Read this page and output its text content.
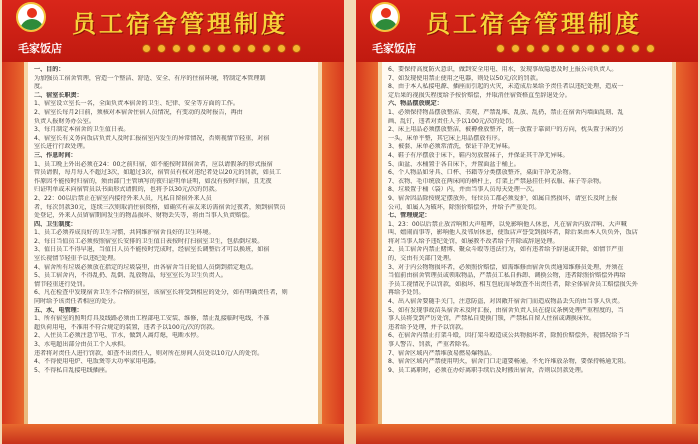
员工宿舍管理制度
毛家饭店
一、目的：
为加强员工宿舍管理，营造一个整洁、舒适、安全、有序的住宿环境，特制定本管理制
度。
二、宿室长职责：
1、宿室设立室长一名，全面负责本宿舍的卫生、纪律、安全等方面的工作。
2、宿室长每月2日前，须核对本宿舍住宿人员情况，有变动的及时报告，再由
负责人报财务办公室。
3、每月制定本宿舍的卫生值日表。
4、宿室长有义务向饭店负责人及时汇报宿室内发生的异常情况，否则视情节轻重，对宿
室长进行行政处理。
三、作息时间：
1、员工晚上外出必须在24：00之前归宿，如不能按时回宿舍者，应以请假条的形式报宿
管员请假，每月每人不超过3次，如超过3次，宿管员有权对违纪者处以20元的罚款，如员工
作原因不能按时归宿的，须由部门主管填写的夜归证明单证明，如没有按时归宿，且无夜
归证明单或未向宿管员以书面形式请假的，也将予以30元/次的罚款。
2、22：00以后禁止在宿室内接待外来人员，凡私自留宿外来人员
者，每次罚款30元，连续三次则取消住宿资格，如确实有亲友来访需宿舍过夜者，须到宿管员
处登记，外来人员留宿期间发生的物品损坏、财物丢失等，将由当事人负责赔偿。
四、卫生制度：
1、员工必须养成良好的卫生习惯，共同维护宿舍良好的卫生环境。
2、每日当值员工必须按照宿室长安排的卫生值日表按时打扫宿室卫生，包括倒垃圾。
3、值日员工不得早退，当值日人员不能按时完成时，经宿室长调整后才可以换班，如宿
室长视情节轻重予以违纪处理。
4、宿舍所有垃圾必须放在指定的垃圾袋里，由各宿舍当日轮值人员倒到指定地点。
5、员工宿舍内，不得乱扔、乱倒、乱放物品，每室室长为卫生负责人。
情节轻重进行处罚。
6、凡在检查中发现宿舍卫生不合格的宿室，该宿室长将受到相应的处分，如有明确责任者，则
同时给予该责任者相应的处分。
五、水、电管理：
1、所有宿室的照明灯具及线路必须由工程部电工安装、维修，禁止乱接临时电线，不准
超负荷用电，不准用不符合规定的装置，违者予以100元/次的罚款。
2、入住员工必须注意节电、节水，做到人离灯熄，电断水停。
3、水电超出部分由员工个人承担。
违者将对责任人进行罚款，如查不出责任人，则对所在房间人员处以10元/人的处罚。
4、不得使用电炉、电饭煲等大功率家用电器。
5、不得私自乱接电线插座。
员工宿舍管理制度
毛家饭店
6、要保持高度防火意识，做到安全用电、用水，发现事故隐患及时上报公司负责人。
7、如发现使用禁止使用之电器，则处以50元/次的罚款。
8、由于本人私接电源、插座而引起的火灾，未造成后果给予责任者以违纪处理，造成一
定后果的视损失程度给予按价赔偿，并取消住宿资格直至辞退处分。
六、物品摆放规定：
1、必须保持物品摆放整洁、美观，严禁乱堆、乱放、乱扔，禁止在宿舍内墙面乱刻、乱
画、乱钉，违者对责任人予以100元/次的处罚。
2、床上用品必须摆放整洁，被褥叠放整齐，统一放置于靠窗户的方向，枕头置于床的另
一头，床单平整，其它床上用品摆放有序。
3、被套、床单必须常清洗，保证干净无异味。
4、鞋子有序摆放于床下，鞋内勿放置袜子，并保证其干净无异味。
5、面盆、水桶置于各自床下，并置面盆于桶上。
6、个人物品如牙具、口杯、书籍等分类摆放整齐，桌面干净无杂物。
7、衣物、毛巾统放在两床间的横杆上，灯架上严禁悬挂任何衣服、袜子等杂物。
8、垃圾置于桶（袋）内，并由当事人员每天处理一次。
9、宿舍因品除按规定摆放外，每位员工都必须爱护，如属自然损坏，请室长及时上报
公司，如属人为破坏，除照价赔偿外，并给予严重处罚。
七、管理规定：
1、23：00以后禁止放音响和大声喧哗，以免影响他人休息，凡在宿舍内放音响、大声喊
叫、嬉闹而事等，影响他人及邻居休息，使饭店声誉受到损坏者，除后果由本人负负外，饭店
将对当事人给予违纪处罚，如屡教不改者给予开除或辞退处理。
2、员工宿舍内禁止赌博、聚众斗殴等违法行为，如有违者给予辞退或开除，如情节严重
的，交由有关部门处理。
3、对于内公物物损坏者，必须照价赔偿，如需维修由宿舍负责通知维修员处理，并须在
当值前由宿舍管理员或领取物品，严禁员工私自拆卸、调换公物，违者除照价赔偿外再给
予员工视情况予以罚款，如损坏、相互包庇而导致查不出责任者，除全体宿舍员工赔偿损失外
再给予处罚。
4、出入宿舍要随手关门，注意防盗，对因敞开宿舍门而造成物品丢失的由当事人负责。
5、如有发现事故苗头宿舍未及时汇报，由宿舍负责人员在提议条例处理严重程度的，当
事人员将受到严厉处罚，严禁私自更换门锁，严禁私自留人住宿或调换床位。
违者给予处理，并予以罚款。
6、在宿舍内禁止打架斗殴，因打架斗殴造成公共物损坏者，除照价赔偿外，视情况给予当
事人警告、罚款，严重者除名。
7、宿舍区域内严禁堆放易燃易爆物品。
8、宿舍区域内严禁使用明火，宿舍门口走道要畅通，不允许堆放杂物，要保持畅通无阻。
9、员工离职时，必须在办好离职手续后及时搬出宿舍，否则以罚款处理。
